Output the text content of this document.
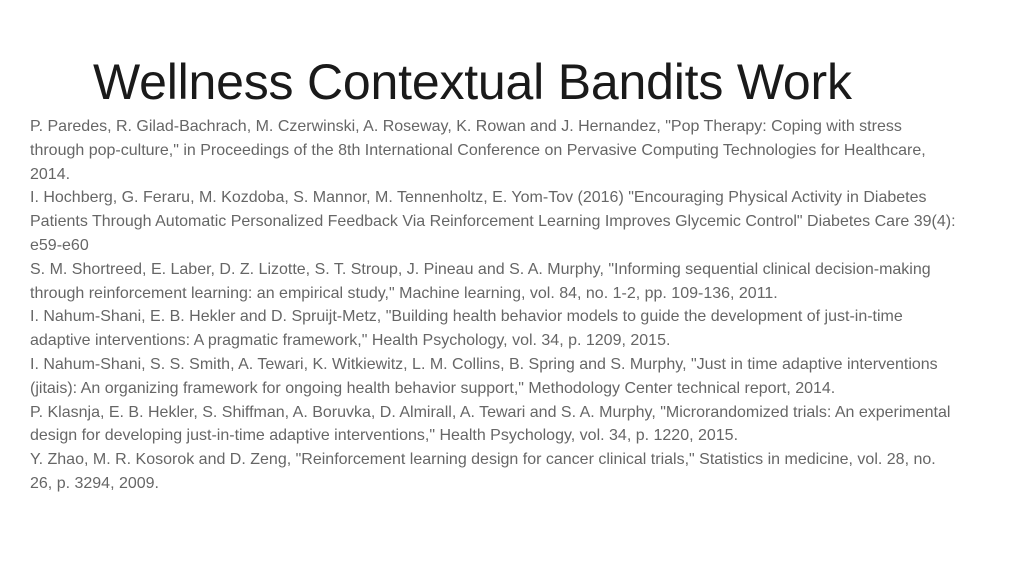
Wellness Contextual Bandits Work
P. Paredes, R. Gilad-Bachrach, M. Czerwinski, A. Roseway, K. Rowan and J. Hernandez, "Pop Therapy: Coping with stress through pop-culture," in Proceedings of the 8th International Conference on Pervasive Computing Technologies for Healthcare, 2014.
I. Hochberg, G. Feraru, M. Kozdoba, S. Mannor, M. Tennenholtz, E. Yom-Tov (2016) "Encouraging Physical Activity in Diabetes Patients Through Automatic Personalized Feedback Via Reinforcement Learning Improves Glycemic Control" Diabetes Care 39(4): e59-e60
S. M. Shortreed, E. Laber, D. Z. Lizotte, S. T. Stroup, J. Pineau and S. A. Murphy, "Informing sequential clinical decision-making through reinforcement learning: an empirical study," Machine learning, vol. 84, no. 1-2, pp. 109-136, 2011.
I. Nahum-Shani, E. B. Hekler and D. Spruijt-Metz, "Building health behavior models to guide the development of just-in-time adaptive interventions: A pragmatic framework," Health Psychology, vol. 34, p. 1209, 2015.
I. Nahum-Shani, S. S. Smith, A. Tewari, K. Witkiewitz, L. M. Collins, B. Spring and S. Murphy, "Just in time adaptive interventions (jitais): An organizing framework for ongoing health behavior support," Methodology Center technical report, 2014.
P. Klasnja, E. B. Hekler, S. Shiffman, A. Boruvka, D. Almirall, A. Tewari and S. A. Murphy, "Microrandomized trials: An experimental design for developing just-in-time adaptive interventions," Health Psychology, vol. 34, p. 1220, 2015.
Y. Zhao, M. R. Kosorok and D. Zeng, "Reinforcement learning design for cancer clinical trials," Statistics in medicine, vol. 28, no. 26, p. 3294, 2009.
